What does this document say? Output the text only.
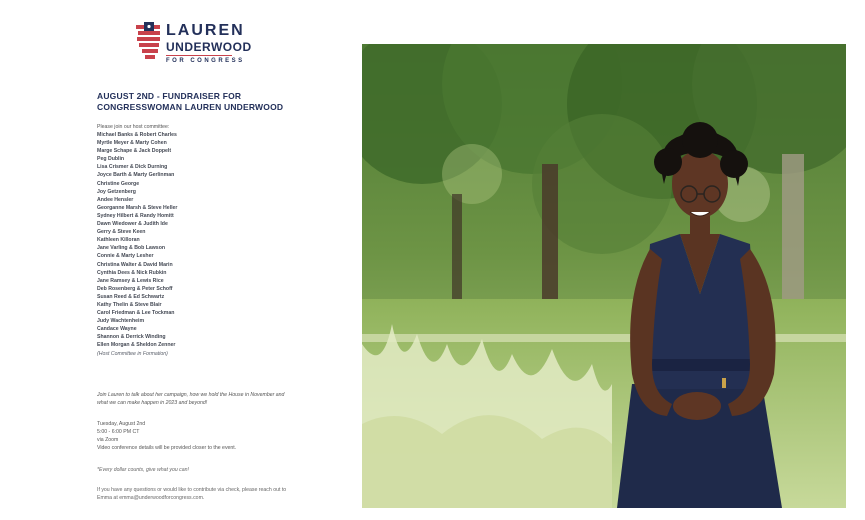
LAUREN
UNDERWOOD
FOR CONGRESS
AUGUST 2ND - FUNDRAISER FOR CONGRESSWOMAN LAUREN UNDERWOOD
Please join our host committee:
Michael Banks & Robert Charles
Myrtle Meyer & Marty Cohen
Marge Schape & Jack Doppelt
Peg Dublin
Lisa Crismer & Dick Durning
Joyce Barth & Marty Gerlinman
Christine George
Joy Getzenberg
Andee Hensler
Georganne Marsh & Steve Heller
Sydney Hilbert & Randy Homitt
Dawn Wiedower & Judith Ide
Gerry & Steve Keen
Kathleen Killoran
Jane Varling & Bob Lawson
Connie & Marty Lesher
Christina Walter & David Marin
Cynthia Dees & Nick Rubkin
Jane Ramsey & Lewis Rice
Deb Rosenberg & Peter Schoff
Susan Reed & Ed Schwartz
Kathy Thelin & Steve Blair
Carol Friedman & Lee Tockman
Judy Wachtenheim
Candace Wayne
Shannon & Derrick Winding
Ellen Morgan & Sheldon Zenner
(Host Committee in Formation)
Join Lauren to talk about her campaign, how we hold the House in November and what we can make happen in 2023 and beyond!
Tuesday, August 2nd
5:00 - 6:00 PM CT
via Zoom
Video conference details will be provided closer to the event.
*Every dollar counts, give what you can!
If you have any questions or would like to contribute via check, please reach out to Emma at emma@underwoodforcongress.com.
